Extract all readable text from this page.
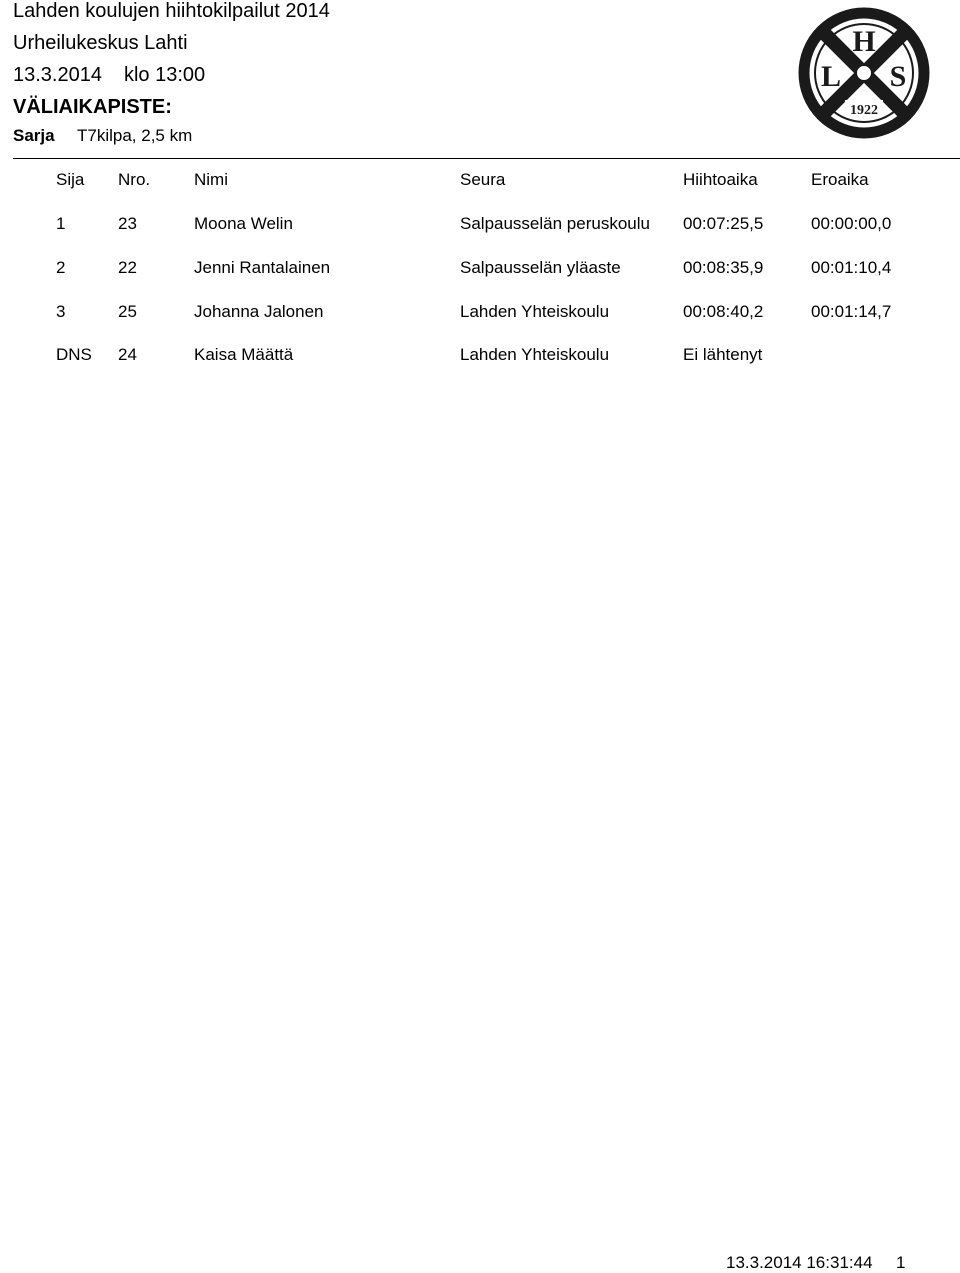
Lahden koulujen hiihtokilpailut 2014
Urheilukeskus Lahti
13.3.2014 klo 13:00
VÄLIAIKAPISTE:
Sarja T7kilpa, 2,5 km
H
L S
1922
Sija Nro.	Nimi	Seura	Hiihtoaika	Eroaika
1	23	Moona Welin	Salpausselän peruskoulu 00:07:25,5	00:00:00,0
2	22	Jenni Rantalainen	Salpausselän yläaste	00:08:35,9	00:01:10,4
3	25	Johanna Jalonen	Lahden Yhteiskoulu	00:08:40,2	00:01:14,7
DNS 24	Kaisa Määttä	Lahden Yhteiskoulu	Ei lähtenyt
13.3.2014 16:31:44 1
